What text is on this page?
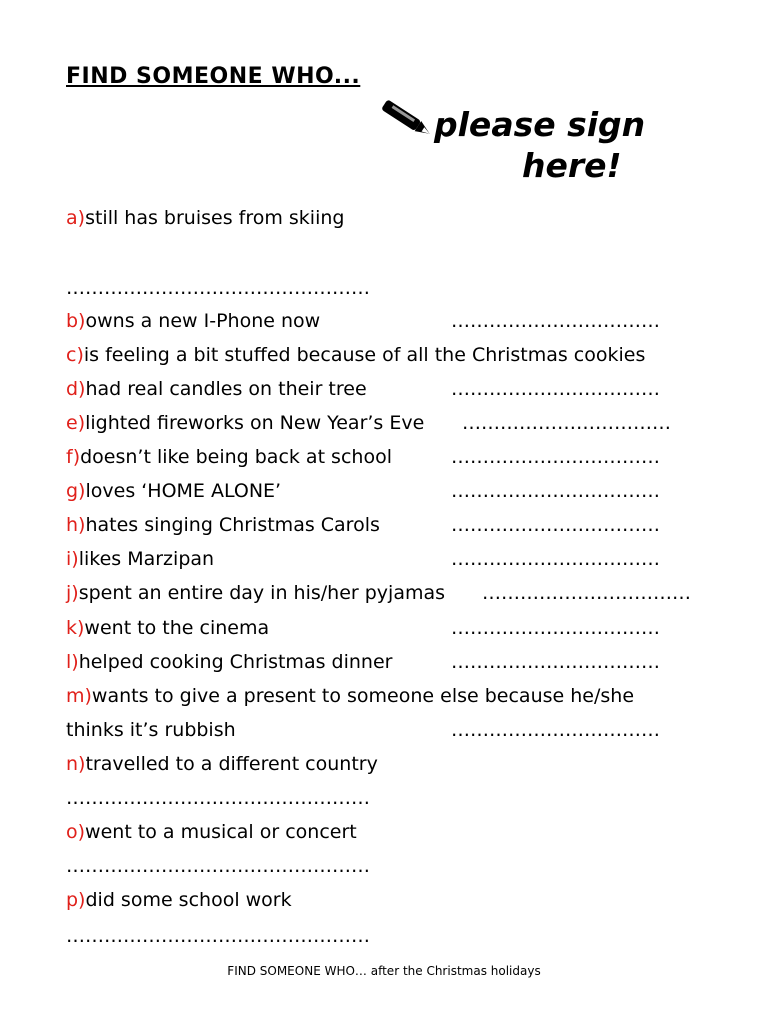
FIND SOMEONE WHO...
please sign
here!
a)still has bruises from skiing
…………………………………………
b)owns a new I-Phone now	……………………………
c)is feeling a bit stuffed because of all the Christmas cookies
d)had real candles on their tree	……………………………
e)lighted fireworks on New Year’s Eve ……………………………
f)doesn’t like being back at school	……………………………
g)loves ‘HOME ALONE’	……………………………
h)hates singing Christmas Carols	……………………………
i)likes Marzipan	……………………………
j)spent an entire day in his/her pyjamas ……………………………
k)went to the cinema	……………………………
l)helped cooking Christmas dinner	……………………………
m)wants to give a present to someone else because he/she
thinks it’s rubbish	……………………………
n)travelled to a different country
…………………………………………
o)went to a musical or concert
…………………………………………
p)did some school work
…………………………………………
FIND SOMEONE WHO… after the Christmas holidays
